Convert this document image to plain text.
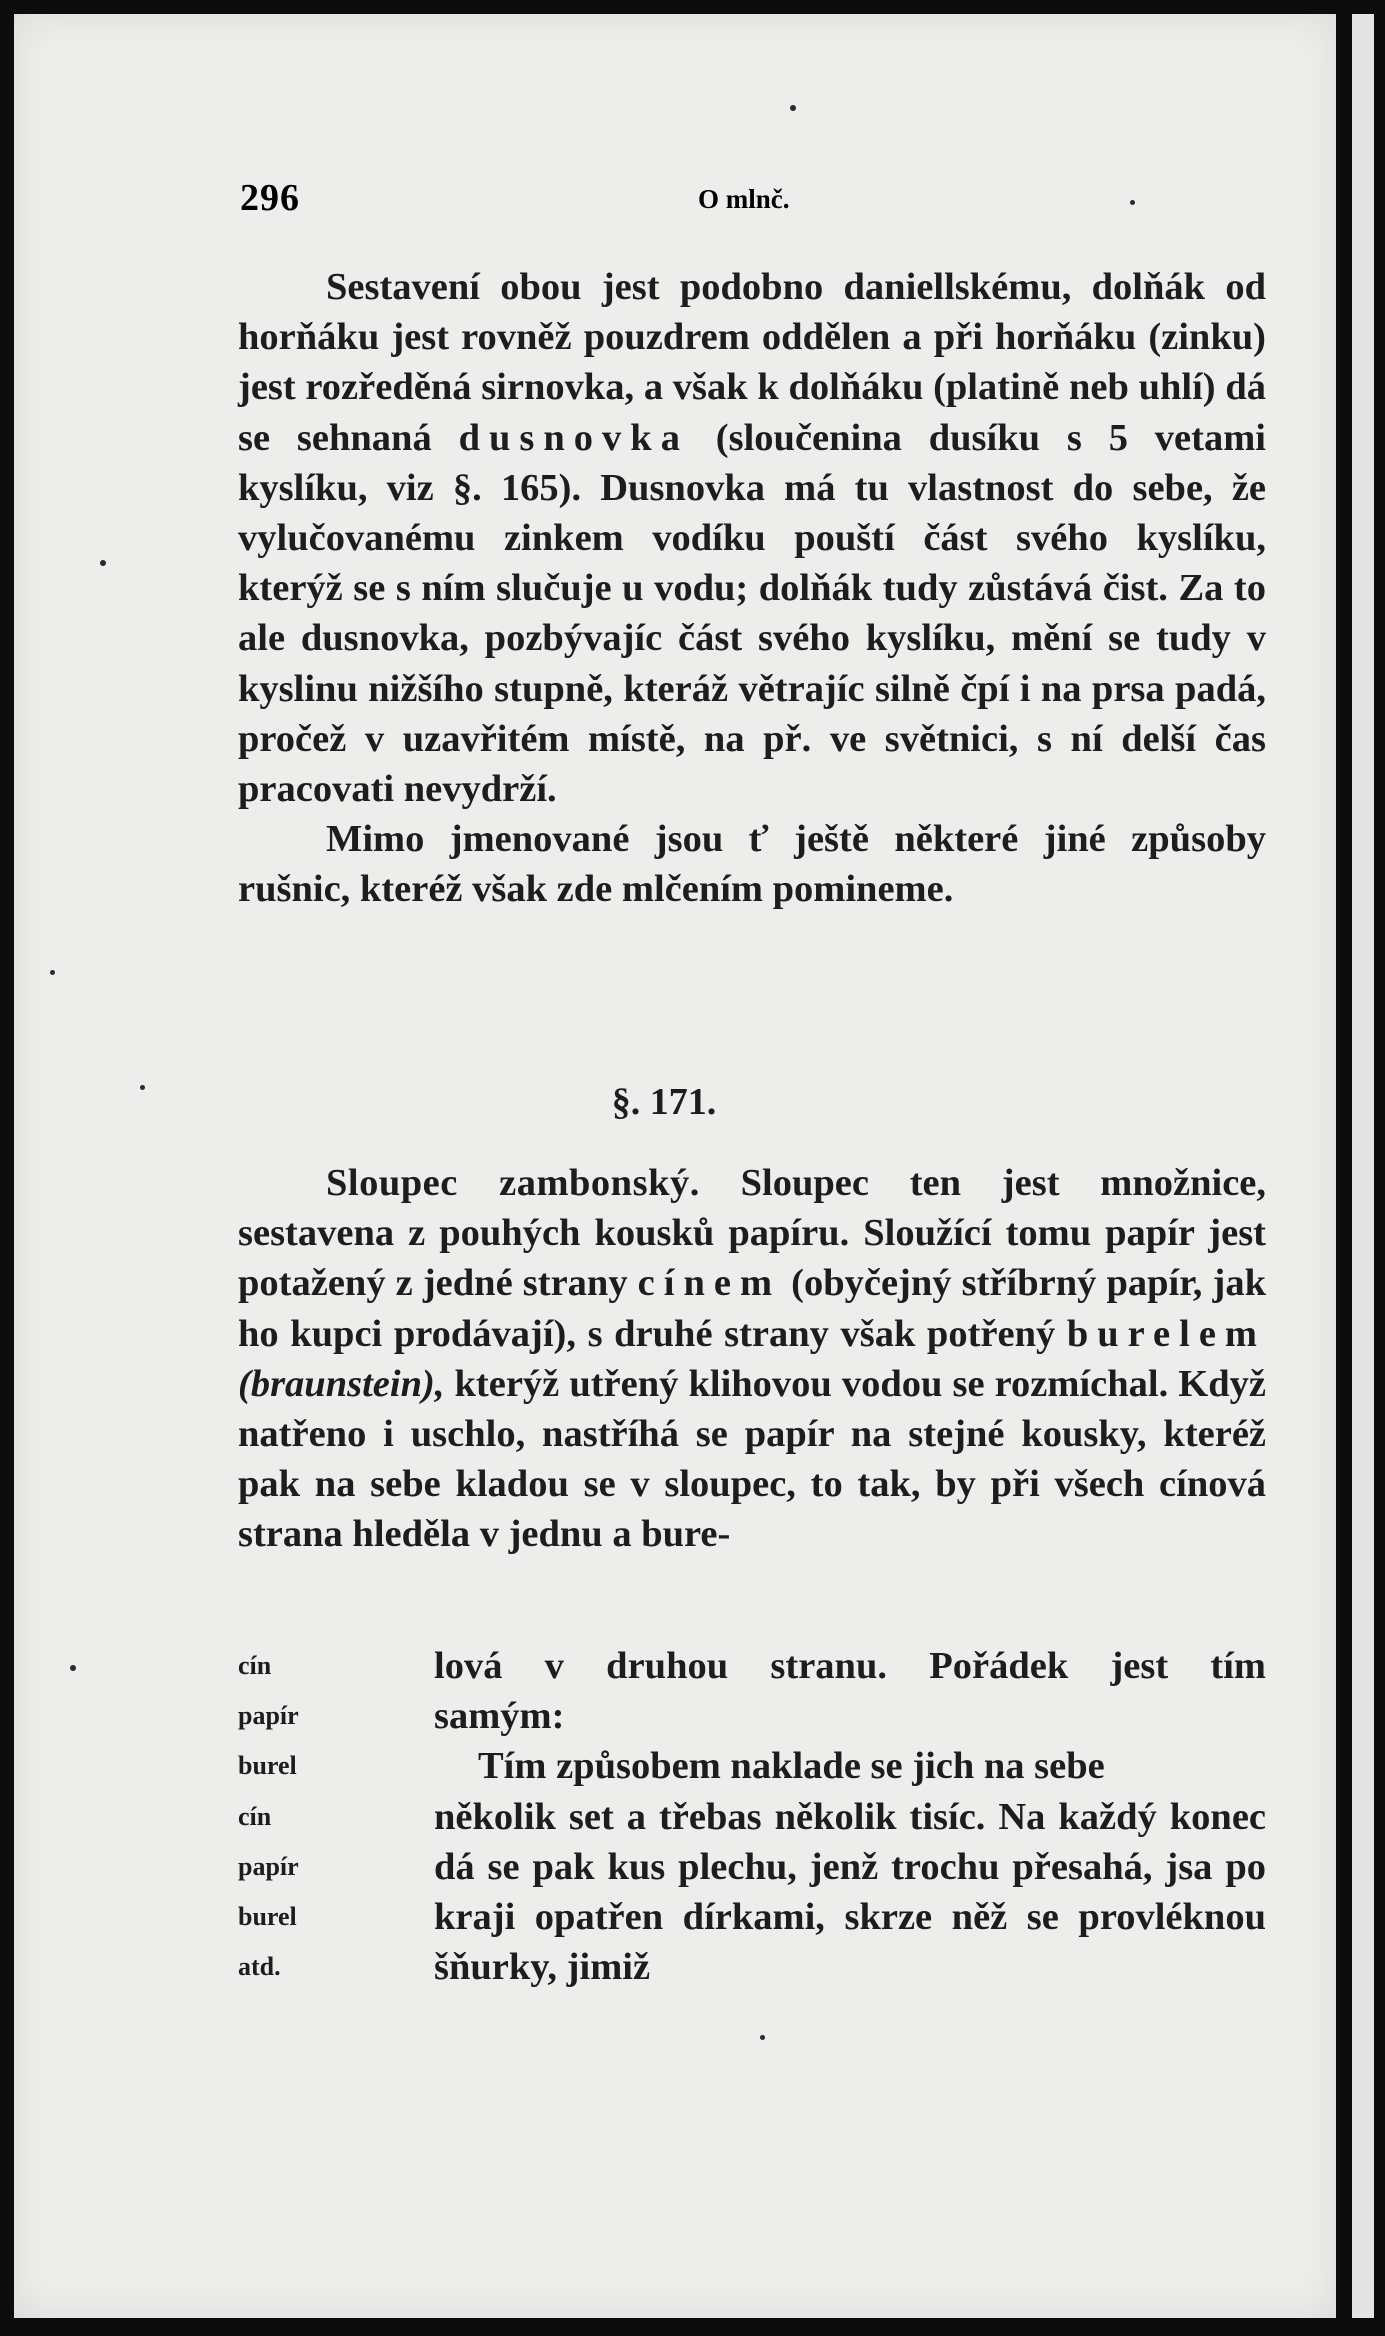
296	O mlnč.

Sestavení obou jest podobno daniellskému, dolňák od horňáku jest rovněž pouzdrem oddělen a při horňáku (zinku) jest rozředěná sirnovka, a však k dolňáku (platině neb uhlí) dá se sehnaná dusnovka (sloučenina dusíku s 5 vetami kyslíku, viz §. 165). Dusnovka má tu vlastnost do sebe, že vylučovanému zinkem vodíku pouští část svého kyslíku, kterýž se s ním slučuje u vodu; dolňák tudy zůstává čist. Za to ale dusnovka, pozbývajíc část svého kyslíku, mění se tudy v kyslinu nižšího stupně, kteráž větrajíc silně čpí i na prsa padá, pročež v uzavřitém místě, na př. ve světnici, s ní delší čas pracovati nevydrží.

Mimo jmenované jsou ť ještě některé jiné způsoby rušnic, kteréž však zde mlčením pomineme.

§. 171.

Sloupec zambonský. Sloupec ten jest množnice, sestavena z pouhých kousků papíru. Sloužící tomu papír jest potažený z jedné strany cínem (obyčejný stříbrný papír, jak ho kupci prodávají), s druhé strany však potřený burelem (braunstein), kterýž utřený klihovou vodou se rozmíchal. Když natřeno i uschlo, nastříhá se papír na stejné kousky, kteréž pak na sebe kladou se v sloupec, to tak, by při všech cínová strana hleděla v jednu a bure-

cín
papír
burel
cín
papír
burel
atd.
lová v druhou stranu. Pořádek jest tím
samým:
Tím způsobem naklade se jich na sebe
několik set a třebas několik tisíc. Na každý konec dá se pak kus plechu, jenž trochu přesahá, jsa po kraji opatřen dírkami, skrze něž se provléknou šňurky, jimiž
